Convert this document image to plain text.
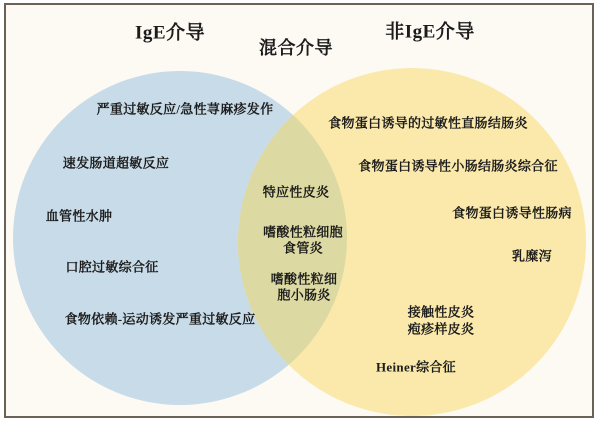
IgE介导
混合介导
非IgE介导
严重过敏反应/急性荨麻疹发作
速发肠道超敏反应
血管性水肿
口腔过敏综合征
食物依赖-运动诱发严重过敏反应
特应性皮炎
嗜酸性粒细胞
食管炎
嗜酸性粒细
胞小肠炎
食物蛋白诱导的过敏性直肠结肠炎
食物蛋白诱导性小肠结肠炎综合征
食物蛋白诱导性肠病
乳糜泻
接触性皮炎
疱疹样皮炎
Heiner综合征
